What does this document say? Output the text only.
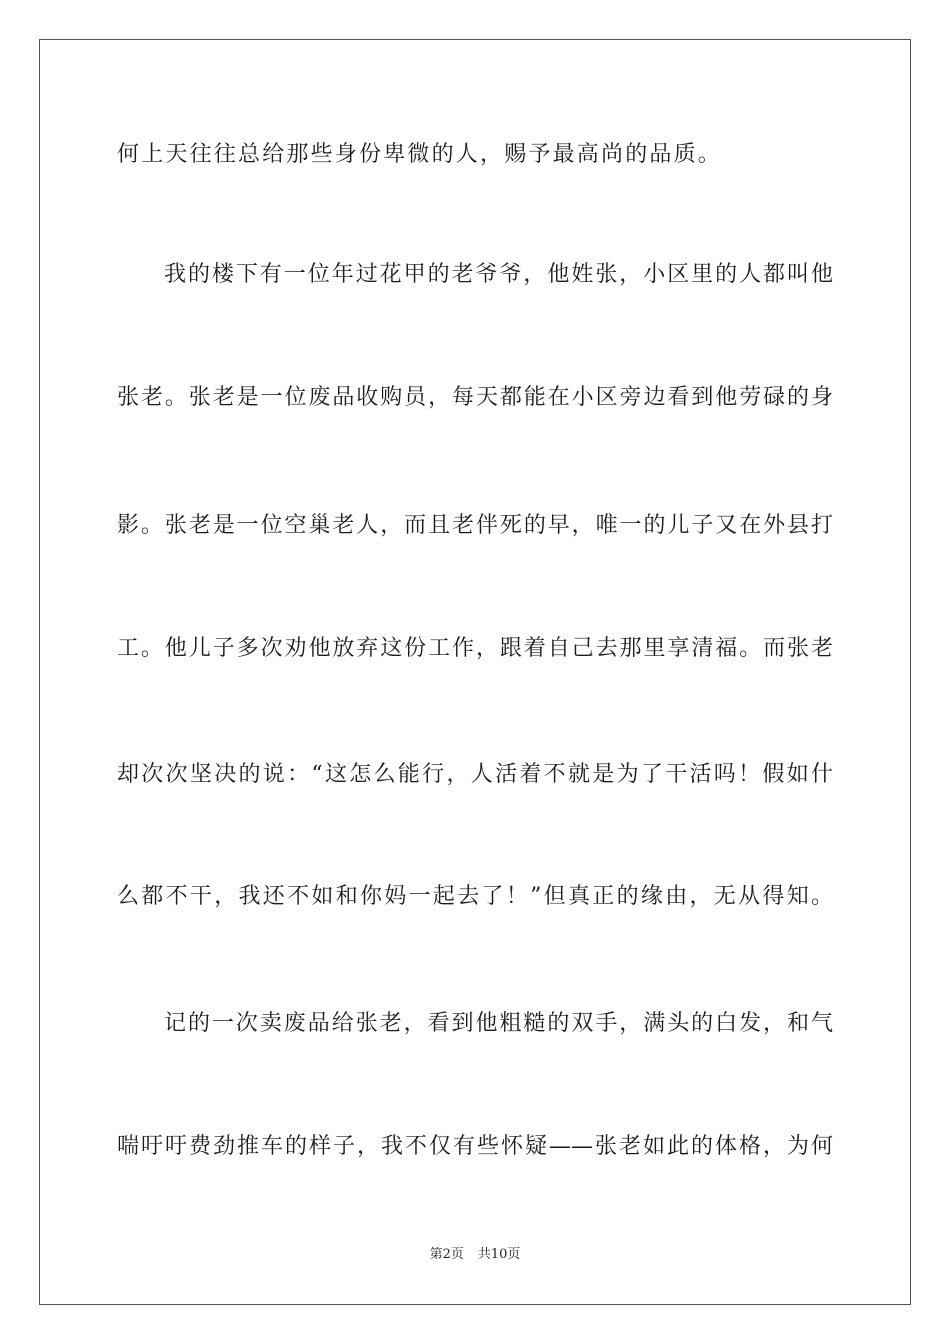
何上天往往总给那些身份卑微的人，赐予最高尚的品质。
我的楼下有一位年过花甲的老爷爷，他姓张，小区里的人都叫他
张老。张老是一位废品收购员，每天都能在小区旁边看到他劳碌的身
影。张老是一位空巢老人，而且老伴死的早，唯一的儿子又在外县打
工。他儿子多次劝他放弃这份工作，跟着自己去那里享清福。而张老
却次次坚决的说：“这怎么能行，人活着不就是为了干活吗！假如什
么都不干，我还不如和你妈一起去了！”但真正的缘由，无从得知。
记的一次卖废品给张老，看到他粗糙的双手，满头的白发，和气
喘吁吁费劲推车的样子，我不仅有些怀疑——张老如此的体格，为何
第2页 共10页
